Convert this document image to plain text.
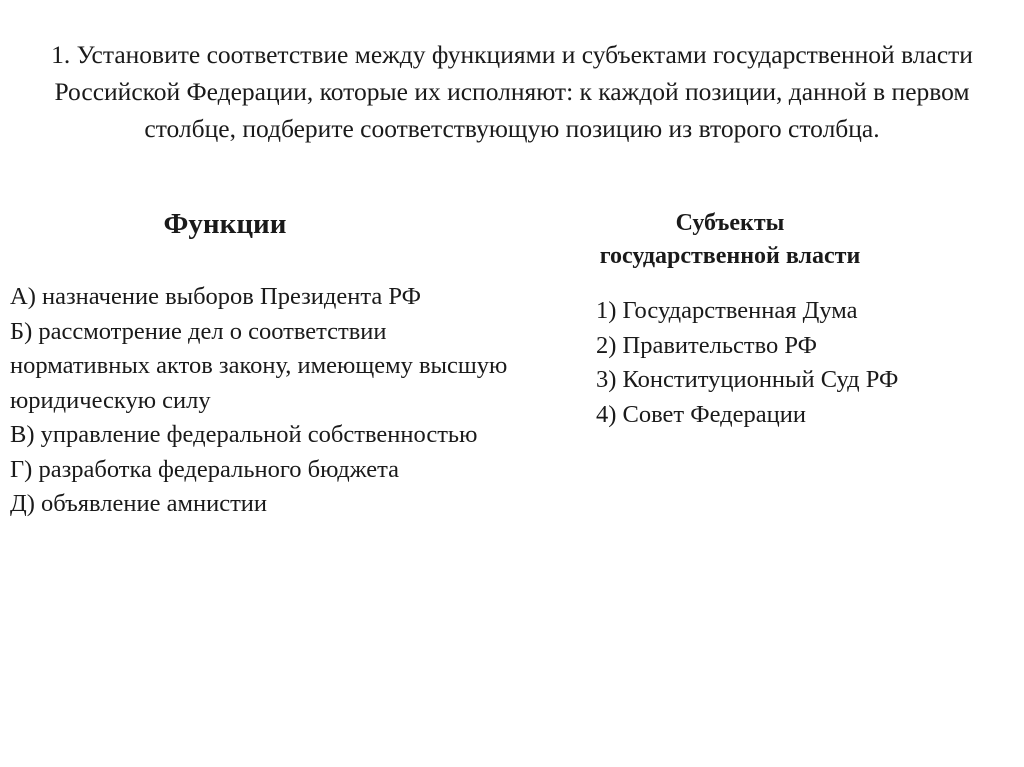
1. Установите соответствие между функциями и субъектами государственной власти Российской Федерации, которые их исполняют: к каждой позиции, данной в первом столбце, подберите соответствующую позицию из второго столбца.

Функции	Субъекты
государственной власти
А) назначение выборов Президента РФ
Б) рассмотрение дел о соответствии нормативных актов закону, имеющему высшую юридическую силу
В) управление федеральной собственностью
Г) разработка федерального бюджета
Д) объявление амнистии
1) Государственная Дума
2) Правительство РФ
3) Конституционный Суд РФ
4) Совет Федерации
